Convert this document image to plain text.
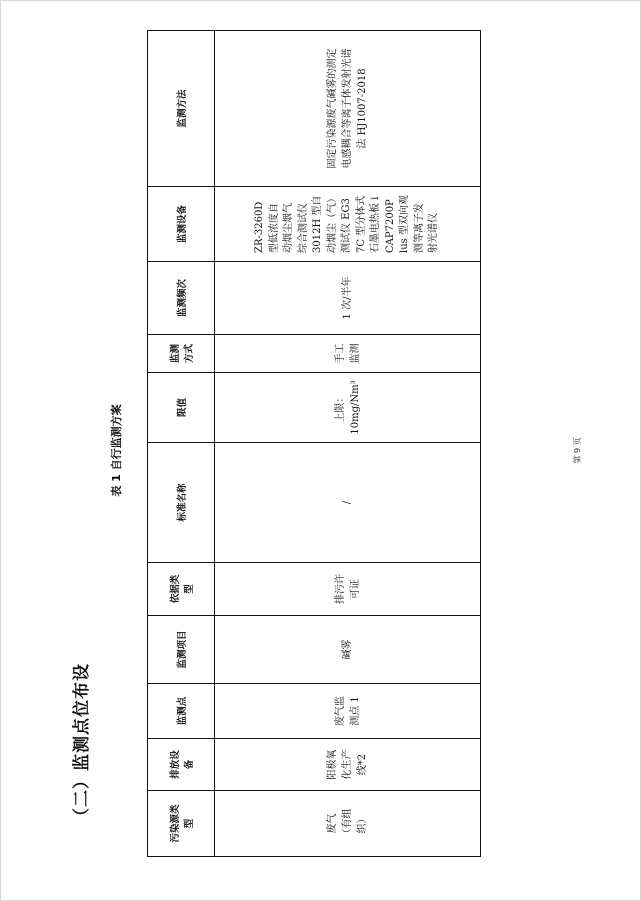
（二）监测点位布设
表 1 自行监测方案
污染源类型	排放设备	监测点	监测项目	依据类型	标准名称	限值	监测方式	监测频次	监测设备	监测方法
废气（有组织）	阳极氧化生产线*2	废气监测点 1	碱雾	排污许可证	/	上限： 10mg/Nm³	手工监测	1 次/半年	ZR-3260D 型低浓度自动烟尘烟气综合测试仪 3012H 型自动烟尘（气）测试仪 EG37C 型分体式石墨电热板 iCAP7200P lus 型双向观测等离子发射光谱仪	固定污染源废气碱雾的测定电感耦合等离子体发射光谱法 HJ1007-2018
第 9 页
